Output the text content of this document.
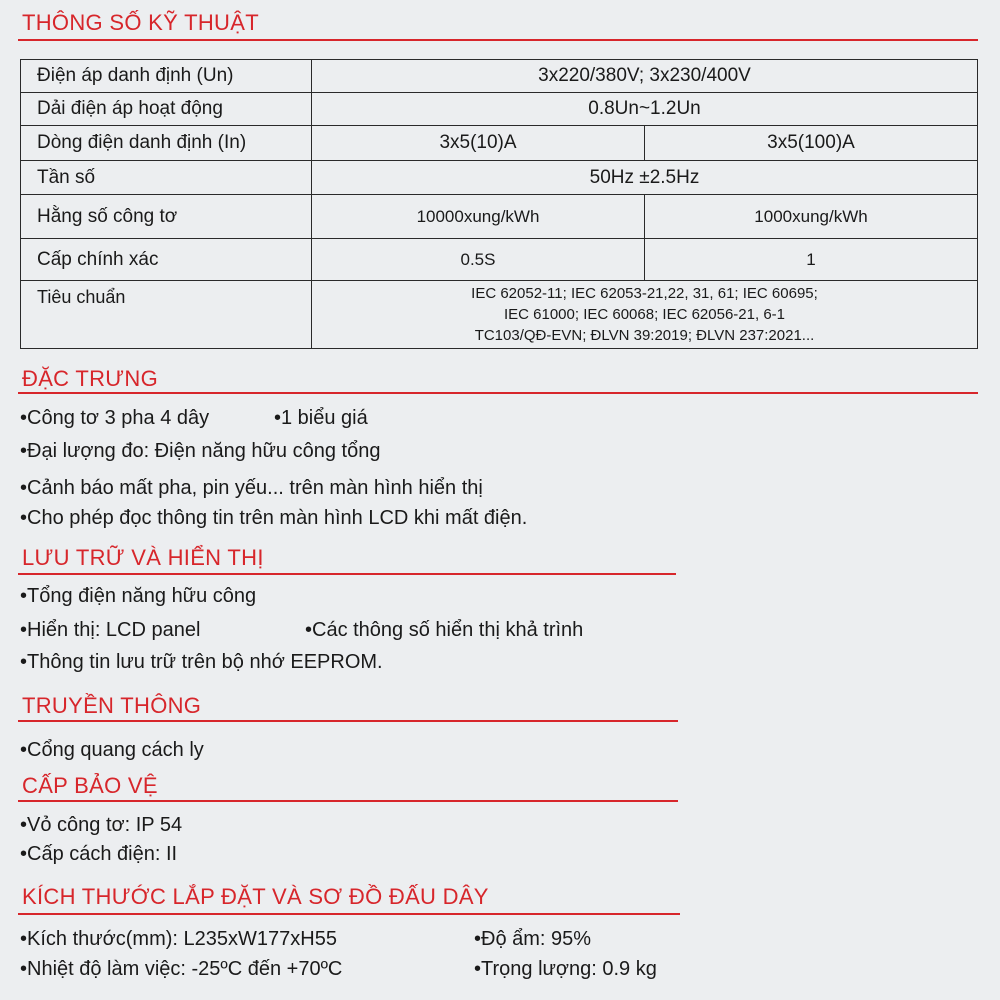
THÔNG SỐ KỸ THUẬT
Điện áp danh định (Un)	3x220/380V; 3x230/400V	
Dải điện áp hoạt động	0.8Un~1.2Un	
Dòng điện danh định (In)	3x5(10)A	3x5(100)A
Tần số	50Hz ±2.5Hz	
Hằng số công tơ	10000xung/kWh	1000xung/kWh
Cấp chính xác	0.5S	1
Tiêu chuẩn	IEC 62052-11; IEC 62053-21,22, 31, 61; IEC 60695;
IEC 61000; IEC 60068; IEC 62056-21, 6-1
TC103/QĐ-EVN; ĐLVN 39:2019; ĐLVN 237:2021...	
ĐẶC TRƯNG
•Công tơ 3 pha 4 dây	•1 biểu giá
•Đại lượng đo: Điện năng hữu công tổng
•Cảnh báo mất pha, pin yếu... trên màn hình hiển thị
•Cho phép đọc thông tin trên màn hình LCD khi mất điện.
LƯU TRỮ VÀ HIỂN THỊ
•Tổng điện năng hữu công
•Hiển thị: LCD panel	•Các thông số hiển thị khả trình
•Thông tin lưu trữ trên bộ nhớ EEPROM.
TRUYỀN THÔNG
•Cổng quang cách ly
CẤP BẢO VỆ
•Vỏ công tơ: IP 54
•Cấp cách điện: II
KÍCH THƯỚC LẮP ĐẶT VÀ SƠ ĐỒ ĐẤU DÂY
•Kích thước(mm): L235xW177xH55	•Độ ẩm: 95%
•Nhiệt độ làm việc: -25ºC đến +70ºC	•Trọng lượng: 0.9 kg
